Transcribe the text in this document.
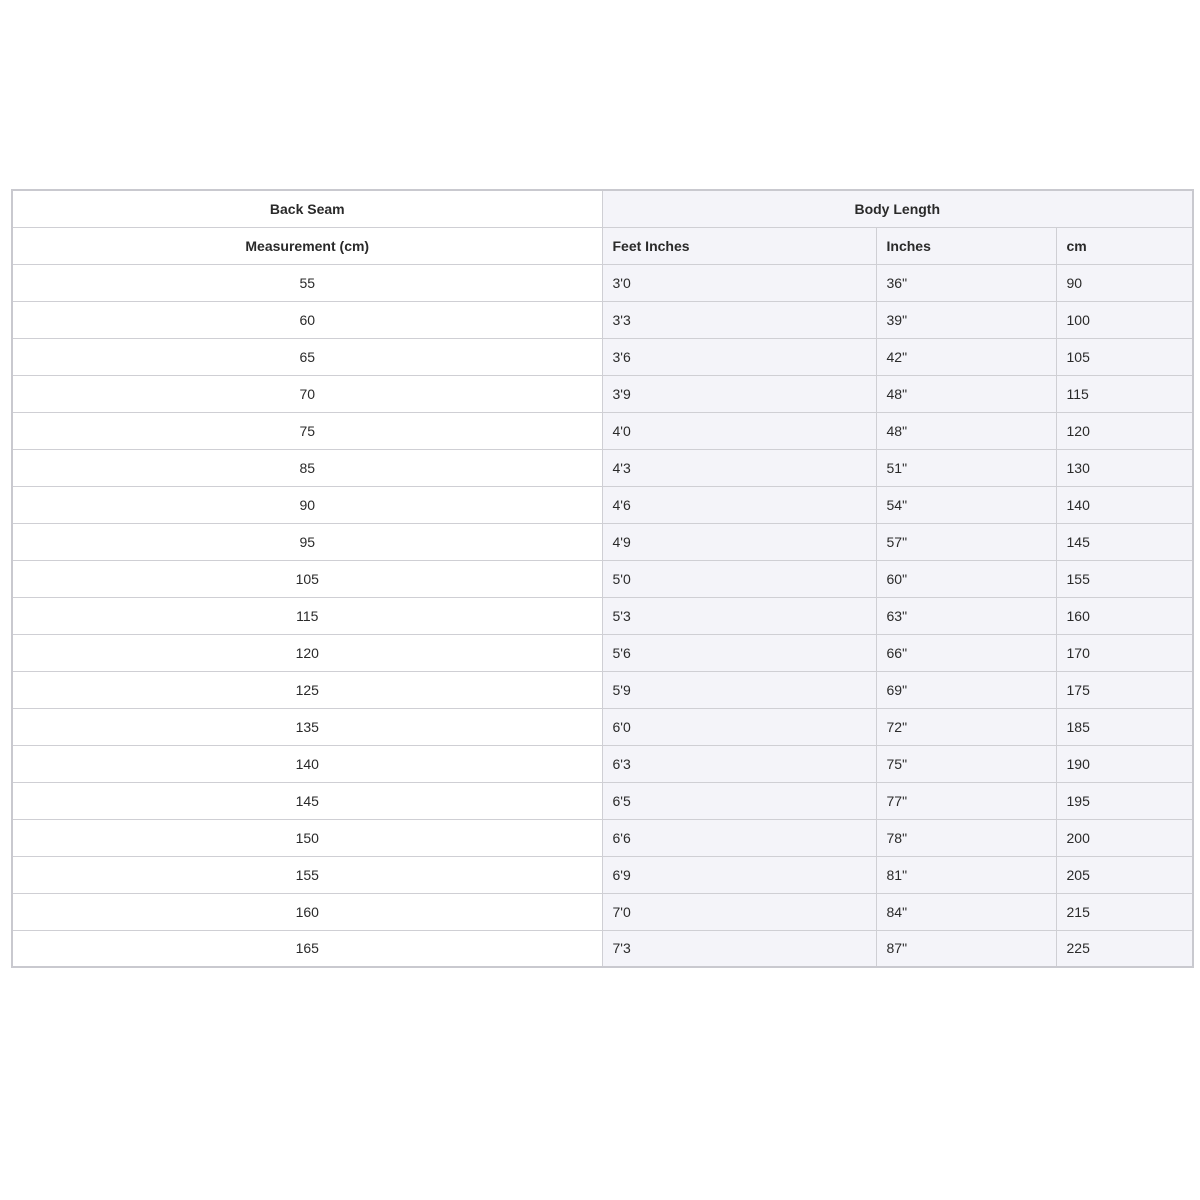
Back Seam	Body Length		
Measurement (cm)	Feet Inches	Inches	cm
55	3'0	36"	90
60	3'3	39"	100
65	3'6	42"	105
70	3'9	48"	115
75	4'0	48"	120
85	4'3	51"	130
90	4'6	54"	140
95	4'9	57"	145
105	5'0	60"	155
115	5'3	63"	160
120	5'6	66"	170
125	5'9	69"	175
135	6'0	72"	185
140	6'3	75"	190
145	6'5	77"	195
150	6'6	78"	200
155	6'9	81"	205
160	7'0	84"	215
165	7'3	87"	225
